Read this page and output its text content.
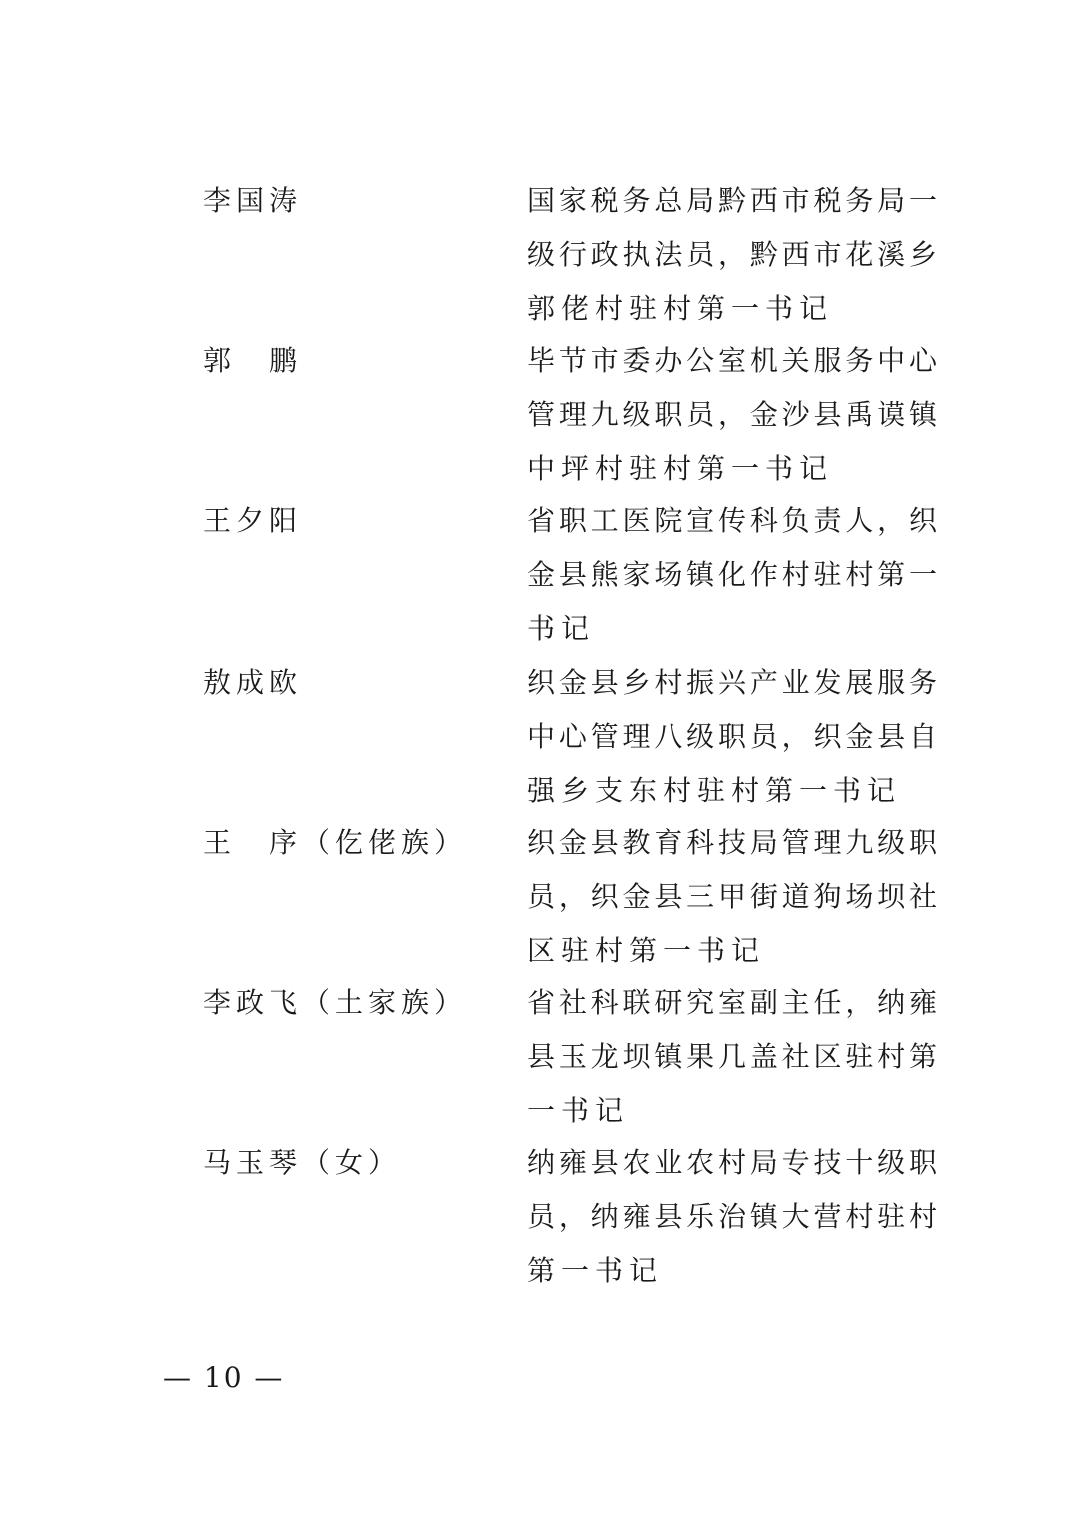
李国涛	国家税务总局黔西市税务局一
级行政执法员，黔西市花溪乡
郭佬村驻村第一书记
郭　鹏	毕节市委办公室机关服务中心
管理九级职员，金沙县禹谟镇
中坪村驻村第一书记
王夕阳	省职工医院宣传科负责人，织
金县熊家场镇化作村驻村第一
书记
敖成欧	织金县乡村振兴产业发展服务
中心管理八级职员，织金县自
强乡支东村驻村第一书记
王　序（仡佬族） 织金县教育科技局管理九级职
员，织金县三甲街道狗场坝社
区驻村第一书记
李政飞（土家族） 省社科联研究室副主任，纳雍
县玉龙坝镇果几盖社区驻村第
一书记
马玉琴（女）	纳雍县农业农村局专技十级职
员，纳雍县乐治镇大营村驻村
第一书记
— 10 —
